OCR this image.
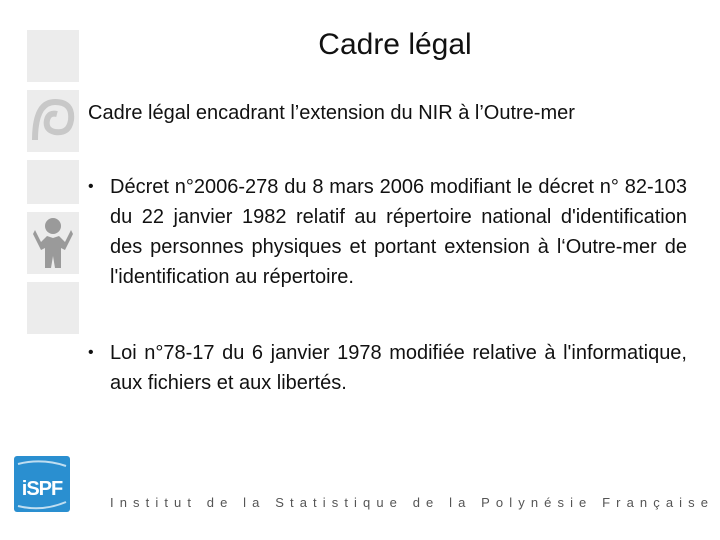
Cadre légal
Cadre légal encadrant l’extension du NIR à l’Outre-mer
• Décret n°2006-278 du 8 mars 2006 modifiant le décret n° 82-103 du 22 janvier 1982 relatif au répertoire national d'identification des personnes physiques et portant extension à l‘Outre-mer de l'identification au répertoire.
• Loi n°78-17 du 6 janvier 1978 modifiée relative à l'informatique, aux fichiers et aux libertés.
iSPF
Institut de la Statistique de la Polynésie Française
